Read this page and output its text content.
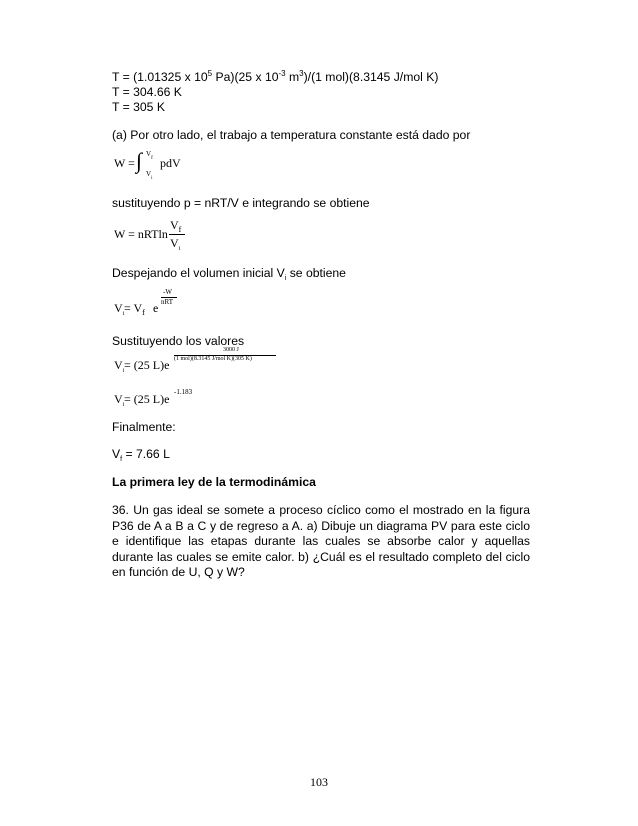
T = (1.01325 x $10^5$ Pa)(25 x $10^{-3}$ $m^3)/(1$ mol)(8.3145 J/mol K)
T = 304.66 K
T = 305 K
(a) Por otro lado, el trabajo a temperatura constante está dado por
W = ∫ $V_f$
$V_i$
pdV
sustituyendo p = nRT/V e integrando se obtiene
W = nRTln
$V_f$
$V_i$
Despejando el volumen inicial $V_i$ se obtiene
$V_i = V_f$ e
-W
nRT
Sustituyendo los valores
$V_i = (25$ L)e
3000 J
(1 mol)(8.3145 J/mol K)(305 K)
$V_i = (25$ L)e -1.183
Finalmente:
$V_f = 7.66$ L
La primera ley de la termodinámica
36. Un gas ideal se somete a proceso cíclico como el mostrado en la figura P36 de A a B a C y de regreso a A. a) Dibuje un diagrama PV para este ciclo e identifique las etapas durante las cuales se absorbe calor y aquellas durante las cuales se emite calor. b) ¿Cuál es el resultado completo del ciclo en función de U, Q y W?
103
